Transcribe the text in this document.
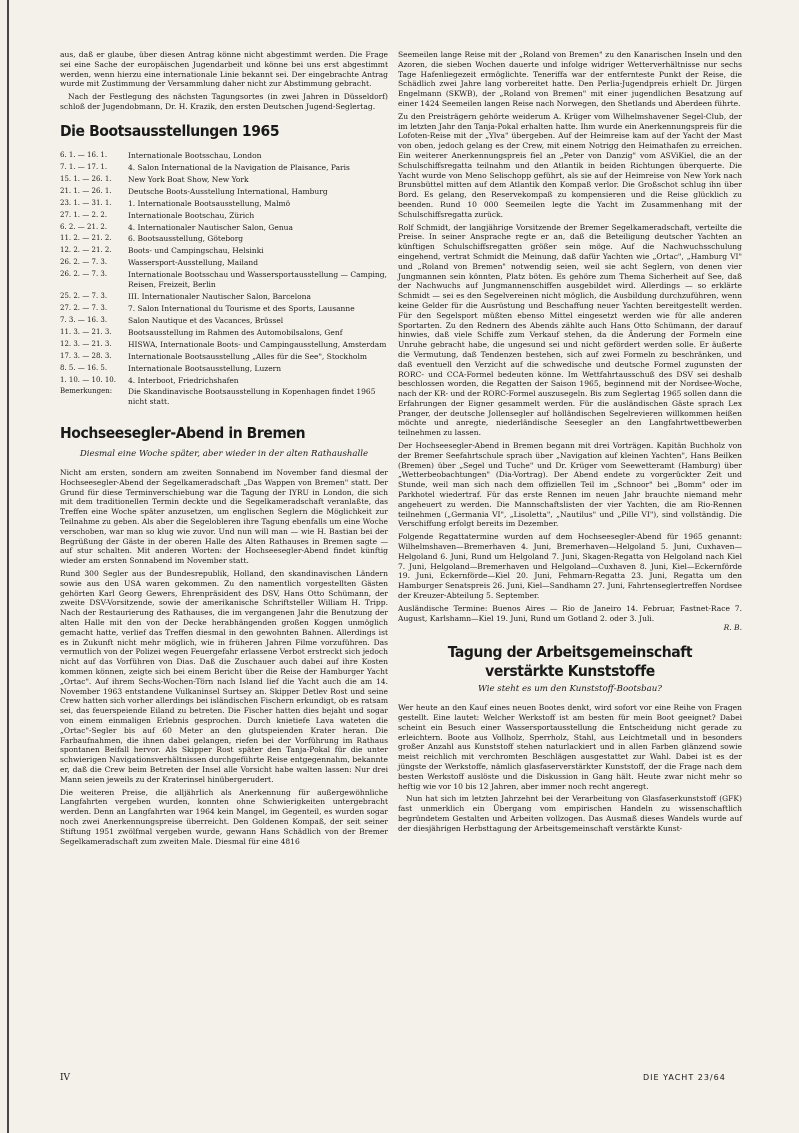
aus, daß er glaube, über diesen Antrag könne nicht abgestimmt werden. Die Frage sei eine Sache der europäischen Jugendarbeit und könne bei uns erst abgestimmt werden, wenn hierzu eine internationale Linie bekannt sei. Der eingebrachte Antrag wurde mit Zustimmung der Versammlung daher nicht zur Abstimmung gebracht.

Nach der Festlegung des nächsten Tagungsortes (in zwei Jahren in Düsseldorf) schloß der Jugendobmann, Dr. H. Krazik, den ersten Deutschen Jugend-Seglertag.

Die Bootsausstellungen 1965
6. 1. — 16. 1.	Internationale Bootsschau, London
7. 1. — 17. 1.	4. Salon International de la Navigation de Plaisance, Paris
15. 1. — 26. 1.	New York Boat Show, New York
21. 1. — 26. 1.	Deutsche Boots-Ausstellung International, Hamburg
23. 1. — 31. 1.	1. Internationale Bootsausstellung, Malmö
27. 1. — 2. 2.	Internationale Bootschau, Zürich
6. 2. — 21. 2.	4. Internationaler Nautischer Salon, Genua
11. 2. — 21. 2.	6. Bootsausstellung, Göteborg
12. 2. — 21. 2.	Boots- und Campingschau, Helsinki
26. 2. — 7. 3.	Wassersport-Ausstellung, Mailand
26. 2. — 7. 3.	Internationale Bootsschau und Wassersportausstellung — Camping, Reisen, Freizeit, Berlin
25. 2. — 7. 3.	III. Internationaler Nautischer Salon, Barcelona
27. 2. — 7. 3.	7. Salon International du Tourisme et des Sports, Lausanne
7. 3. — 16. 3.	Salon Nautique et des Vacances, Brüssel
11. 3. — 21. 3.	Bootsausstellung im Rahmen des Automobilsalons, Genf
12. 3. — 21. 3.	HISWA, Internationale Boots- und Campingausstellung, Amsterdam
17. 3. — 28. 3.	Internationale Bootsausstellung „Alles für die See", Stockholm
8. 5. — 16. 5.	Internationale Bootsausstellung, Luzern
1. 10. — 10. 10.	4. Interboot, Friedrichshafen
Bemerkungen:	Die Skandinavische Bootsausstellung in Kopenhagen findet 1965 nicht statt.
Hochseesegler-Abend in Bremen
Diesmal eine Woche später, aber wieder in der alten Rathaushalle

Nicht am ersten, sondern am zweiten Sonnabend im November fand diesmal der Hochseesegler-Abend der Segelkameradschaft „Das Wappen von Bremen" statt. Der Grund für diese Terminverschiebung war die Tagung der IYRU in London, die sich mit dem traditionellen Termin deckte und die Segelkameradschaft veranlaßte, das Treffen eine Woche später anzusetzen, um englischen Seglern die Möglichkeit zur Teilnahme zu geben. Als aber die Segelobleren ihre Tagung ebenfalls um eine Woche verschoben, war man so klug wie zuvor. Und nun will man — wie H. Bastian bei der Begrüßung der Gäste in der oberen Halle des Alten Rathauses in Bremen sagte — auf stur schalten. Mit anderen Worten: der Hochseesegler-Abend findet künftig wieder am ersten Sonnabend im November statt.

Rund 300 Segler aus der Bundesrepublik, Holland, den skandinavischen Ländern sowie aus den USA waren gekommen. Zu den namentlich vorgestellten Gästen gehörten Karl Georg Gewers, Ehrenpräsident des DSV, Hans Otto Schümann, der zweite DSV-Vorsitzende, sowie der amerikanische Schriftsteller William H. Tripp. Nach der Restaurierung des Rathauses, die im vergangenen Jahr die Benutzung der alten Halle mit den von der Decke herabhängenden großen Koggen unmöglich gemacht hatte, verlief das Treffen diesmal in den gewohnten Bahnen. Allerdings ist es in Zukunft nicht mehr möglich, wie in früheren Jahren Filme vorzuführen. Das vermutlich von der Polizei wegen Feuergefahr erlassene Verbot erstreckt sich jedoch nicht auf das Vorführen von Dias. Daß die Zuschauer auch dabei auf ihre Kosten kommen können, zeigte sich bei einem Bericht über die Reise der Hamburger Yacht „Ortac". Auf ihrem Sechs-Wochen-Törn nach Island lief die Yacht auch die am 14. November 1963 entstandene Vulkaninsel Surtsey an. Skipper Detlev Rost und seine Crew hatten sich vorher allerdings bei isländischen Fischern erkundigt, ob es ratsam sei, das feuerspeiende Eiland zu betreten. Die Fischer hatten dies bejaht und sogar von einem einmaligen Erlebnis gesprochen. Durch knietiefe Lava wateten die „Ortac"-Segler bis auf 60 Meter an den glutspeienden Krater heran. Die Farbaufnahmen, die ihnen dabei gelangen, riefen bei der Vorführung im Rathaus spontanen Beifall hervor. Als Skipper Rost später den Tanja-Pokal für die unter schwierigen Navigationsverhältnissen durchgeführte Reise entgegennahm, bekannte er, daß die Crew beim Betreten der Insel alle Vorsicht habe walten lassen: Nur drei Mann seien jeweils zu der Kraterinsel hinübergerudert.

Die weiteren Preise, die alljährlich als Anerkennung für außergewöhnliche Langfahrten vergeben wurden, konnten ohne Schwierigkeiten untergebracht werden. Denn an Langfahrten war 1964 kein Mangel, im Gegenteil, es wurden sogar noch zwei Anerkennungspreise überreicht. Den Goldenen Kompaß, der seit seiner Stiftung 1951 zwölfmal vergeben wurde, gewann Hans Schädlich von der Bremer Segelkameradschaft zum zweiten Male. Diesmal für eine 4816

Seemeilen lange Reise mit der „Roland von Bremen" zu den Kanarischen Inseln und den Azoren, die sieben Wochen dauerte und infolge widriger Wetterverhältnisse nur sechs Tage Hafenliegezeit ermöglichte. Teneriffa war der entfernteste Punkt der Reise, die Schädlich zwei Jahre lang vorbereitet hatte. Den Perlia-Jugendpreis erhielt Dr. Jürgen Engelmann (SKWB), der „Roland von Bremen" mit einer jugendlichen Besatzung auf einer 1424 Seemeilen langen Reise nach Norwegen, den Shetlands und Aberdeen führte.

Zu den Preisträgern gehörte weiderum A. Krüger vom Wilhelmshavener Segel-Club, der im letzten Jahr den Tanja-Pokal erhalten hatte. Ihm wurde ein Anerkennungspreis für die Lofoten-Reise mit der „Ylva" übergeben. Auf der Heimreise kam auf der Yacht der Mast von oben, jedoch gelang es der Crew, mit einem Notrigg den Heimathafen zu erreichen. Ein weiterer Anerkennungspreis fiel an „Peter von Danzig" vom ASViKiel, die an der Schulschiffsregatta teilnahm und den Atlantik in beiden Richtungen überquerte. Die Yacht wurde von Meno Selischopp geführt, als sie auf der Heimreise von New York nach Brunsbüttel mitten auf dem Atlantik den Kompaß verlor. Die Großschot schlug ihn über Bord. Es gelang, den Reservekompaß zu kompensieren und die Reise glücklich zu beenden. Rund 10 000 Seemeilen legte die Yacht im Zusammenhang mit der Schulschiffsregatta zurück.

Rolf Schmidt, der langjährige Vorsitzende der Bremer Segelkameradschaft, verteilte die Preise. In seiner Ansprache regte er an, daß die Beteiligung deutscher Yachten an künftigen Schulschiffsregatten größer sein möge. Auf die Nachwuchsschulung eingehend, vertrat Schmidt die Meinung, daß dafür Yachten wie „Ortac", „Hamburg VI" und „Roland von Bremen" notwendig seien, weil sie acht Seglern, von denen vier Jungmannen sein könnten, Platz böten. Es gehöre zum Thema Sicherheit auf See, daß der Nachwuchs auf Jungmannenschiffen ausgebildet wird. Allerdings — so erklärte Schmidt — sei es den Segelvereinen nicht möglich, die Ausbildung durchzuführen, wenn keine Gelder für die Ausrüstung und Beschaffung neuer Yachten bereitgestellt werden. Für den Segelsport müßten ebenso Mittel eingesetzt werden wie für alle anderen Sportarten. Zu den Rednern des Abends zählte auch Hans Otto Schümann, der darauf hinwies, daß viele Schiffe zum Verkauf stehen, da die Änderung der Formeln eine Unruhe gebracht habe, die ungesund sei und nicht gefördert werden solle. Er äußerte die Vermutung, daß Tendenzen bestehen, sich auf zwei Formeln zu beschränken, und daß eventuell den Verzicht auf die schwedische und deutsche Formel zugunsten der RORC- und CCA-Formel bedeuten könne. Im Wettfahrtausschuß des DSV sei deshalb beschlossen worden, die Regatten der Saison 1965, beginnend mit der Nordsee-Woche, nach der KR- und der RORC-Formel auszusegeln. Bis zum Seglertag 1965 sollen dann die Erfahrungen der Eigner gesammelt werden. Für die ausländischen Gäste sprach Lex Pranger, der deutsche Jollensegler auf holländischen Segelrevieren willkommen heißen möchte und anregte, niederländische Seesegler an den Langfahrtwettbewerben teilnehmen zu lassen.

Der Hochseesegler-Abend in Bremen begann mit drei Vorträgen. Kapitän Buchholz von der Bremer Seefahrtschule sprach über „Navigation auf kleinen Yachten", Hans Beilken (Bremen) über „Segel und Tuche" und Dr. Krüger vom Seewetteramt (Hamburg) über „Wetterbeobachtungen" (Dia-Vortrag). Der Abend endete zu vorgerückter Zeit und Stunde, weil man sich nach dem offiziellen Teil im „Schnoor" bei „Bomm" oder im Parkhotel wiedertraf. Für das erste Rennen im neuen Jahr brauchte niemand mehr angeheuert zu werden. Die Mannschaftslisten der vier Yachten, die am Rio-Rennen teilnehmen („Germania VI", „Lisoletta", „Nautilus" und „Pille VI"), sind vollständig. Die Verschiffung erfolgt bereits im Dezember.

Folgende Regattatermine wurden auf dem Hochseesegler-Abend für 1965 genannt: Wilhelmshaven—Bremerhaven 4. Juni, Bremerhaven—Helgoland 5. Juni, Cuxhaven—Helgoland 6. Juni, Rund um Helgoland 7. Juni, Skagen-Regatta von Helgoland nach Kiel 7. Juni, Helgoland—Bremerhaven und Helgoland—Cuxhaven 8. Juni, Kiel—Eckernförde 19. Juni, Eckernförde—Kiel 20. Juni, Fehmarn-Regatta 23. Juni, Regatta um den Hamburger Senatspreis 26. Juni, Kiel—Sandhamn 27. Juni, Fahrtenseglertreffen Nordsee der Kreuzer-Abteilung 5. September.

Ausländische Termine: Buenos Aires — Rio de Janeiro 14. Februar, Fastnet-Race 7. August, Karlshamn—Kiel 19. Juni, Rund um Gotland 2. oder 3. Juli.

R. B.
Tagung der Arbeitsgemeinschaft verstärkte Kunststoffe
Wie steht es um den Kunststoff-Bootsbau?

Wer heute an den Kauf eines neuen Bootes denkt, wird sofort vor eine Reihe von Fragen gestellt. Eine lautet: Welcher Werkstoff ist am besten für mein Boot geeignet? Dabei scheint ein Besuch einer Wassersportausstellung die Entscheidung nicht gerade zu erleichtern. Boote aus Vollholz, Sperrholz, Stahl, aus Leichtmetall und in besonders großer Anzahl aus Kunststoff stehen naturlackiert und in allen Farben glänzend sowie meist reichlich mit verchromten Beschlägen ausgestattet zur Wahl. Dabei ist es der jüngste der Werkstoffe, nämlich glasfaserverstärkter Kunststoff, der die Frage nach dem besten Werkstoff auslöste und die Diskussion in Gang hält. Heute zwar nicht mehr so heftig wie vor 10 bis 12 Jahren, aber immer noch recht angeregt.

Nun hat sich im letzten Jahrzehnt bei der Verarbeitung von Glasfaserkunststoff (GFK) fast unmerklich ein Übergang vom empirischen Handeln zu wissenschaftlich begründetem Gestalten und Arbeiten vollzogen. Das Ausmaß dieses Wandels wurde auf der diesjährigen Herbsttagung der Arbeitsgemeinschaft verstärkte Kunst-

IV	DIE YACHT 23/64
